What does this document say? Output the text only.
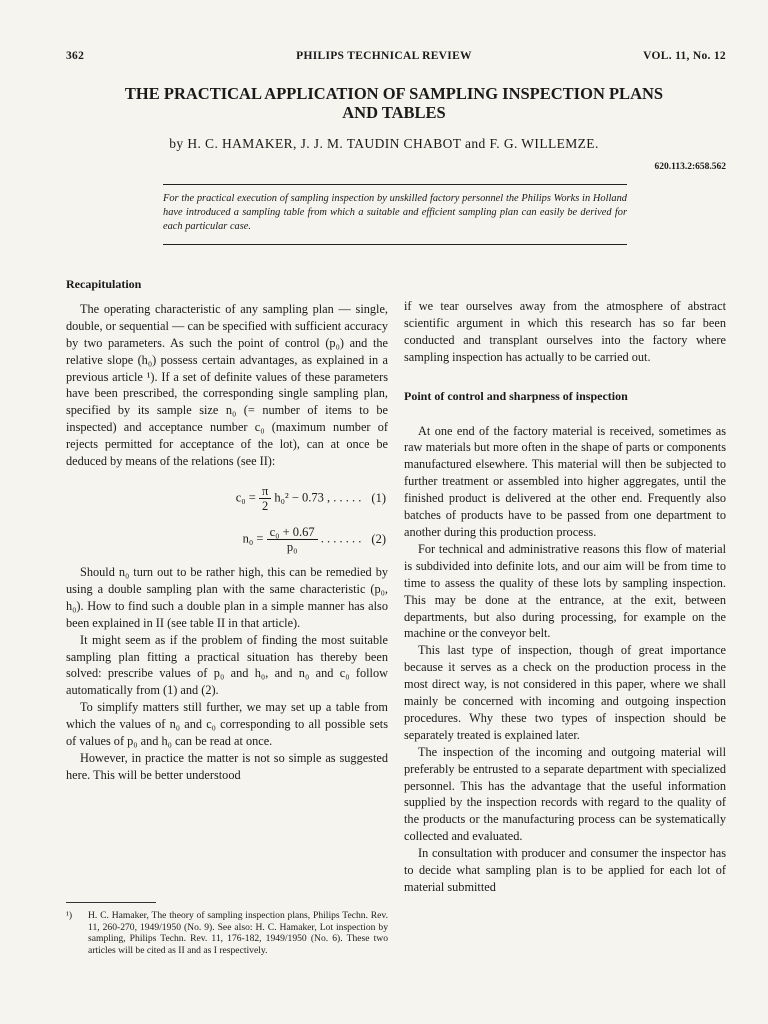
362	PHILIPS TECHNICAL REVIEW	VOL. 11, No. 12
THE PRACTICAL APPLICATION OF SAMPLING INSPECTION PLANS
AND TABLES
by H. C. HAMAKER, J. J. M. TAUDIN CHABOT and F. G. WILLEMZE.
620.113.2:658.562
For the practical execution of sampling inspection by unskilled factory personnel the Philips Works in Holland have introduced a sampling table from which a suitable and efficient sampling plan can easily be derived for each particular case.
Recapitulation

The operating characteristic of any sampling plan — single, double, or sequential — can be specified with sufficient accuracy by two parameters. As such the point of control (p₀) and the relative slope (h₀) possess certain advantages, as explained in a previous article ¹). If a set of definite values of these parameters have been prescribed, the corresponding single sampling plan, specified by its sample size n₀ (= number of items to be inspected) and acceptance number c₀ (maximum number of rejects permitted for acceptance of the lot), can at once be deduced by means of the relations (see II):

$c_0 = \frac{\pi}{2} h_0^2 - 0.73$ , . . . . . (1)
$n_0 = \frac{\text{c₀ + 0.67}}{\text{p₀}}$ . . . . . . . (2)

Should n₀ turn out to be rather high, this can be remedied by using a double sampling plan with the same characteristic (p₀, h₀). How to find such a double plan in a simple manner has also been explained in II (see table II in that article).

It might seem as if the problem of finding the most suitable sampling plan fitting a practical situation has thereby been solved: prescribe values of p₀ and h₀, and n₀ and c₀ follow automatically from (1) and (2).

To simplify matters still further, we may set up a table from which the values of n₀ and c₀ corresponding to all possible sets of values of p₀ and h₀ can be read at once.

However, in practice the matter is not so simple as suggested here. This will be better understood

if we tear ourselves away from the atmosphere of abstract scientific argument in which this research has so far been conducted and transplant ourselves into the factory where sampling inspection has actually to be carried out.

Point of control and sharpness of inspection

At one end of the factory material is received, sometimes as raw materials but more often in the shape of parts or components manufactured elsewhere. This material will then be subjected to further treatment or assembled into higher aggregates, until the finished product is delivered at the other end. Frequently also batches of products have to be passed from one department to another during this production process.

For technical and administrative reasons this flow of material is subdivided into definite lots, and our aim will be from time to time to assess the quality of these lots by sampling inspection. This may be done at the entrance, at the exit, between departments, but also during processing, for example on the machine or the conveyor belt.

This last type of inspection, though of great importance because it serves as a check on the production process in the most direct way, is not considered in this paper, where we shall mainly be concerned with incoming and outgoing inspection procedures. Why these two types of inspection should be separately treated is explained later.

The inspection of the incoming and outgoing material will preferably be entrusted to a separate department with specialized personnel. This has the advantage that the useful information supplied by the inspection records with regard to the quality of the products or the manufacturing process can be systematically collected and evaluated.

In consultation with producer and consumer the inspector has to decide what sampling plan is to be applied for each lot of material submitted

¹) H. C. Hamaker, The theory of sampling inspection plans, Philips Techn. Rev. 11, 260-270, 1949/1950 (No. 9). See also: H. C. Hamaker, Lot inspection by sampling, Philips Techn. Rev. 11, 176-182, 1949/1950 (No. 6). These two articles will be cited as II and as I respectively.
